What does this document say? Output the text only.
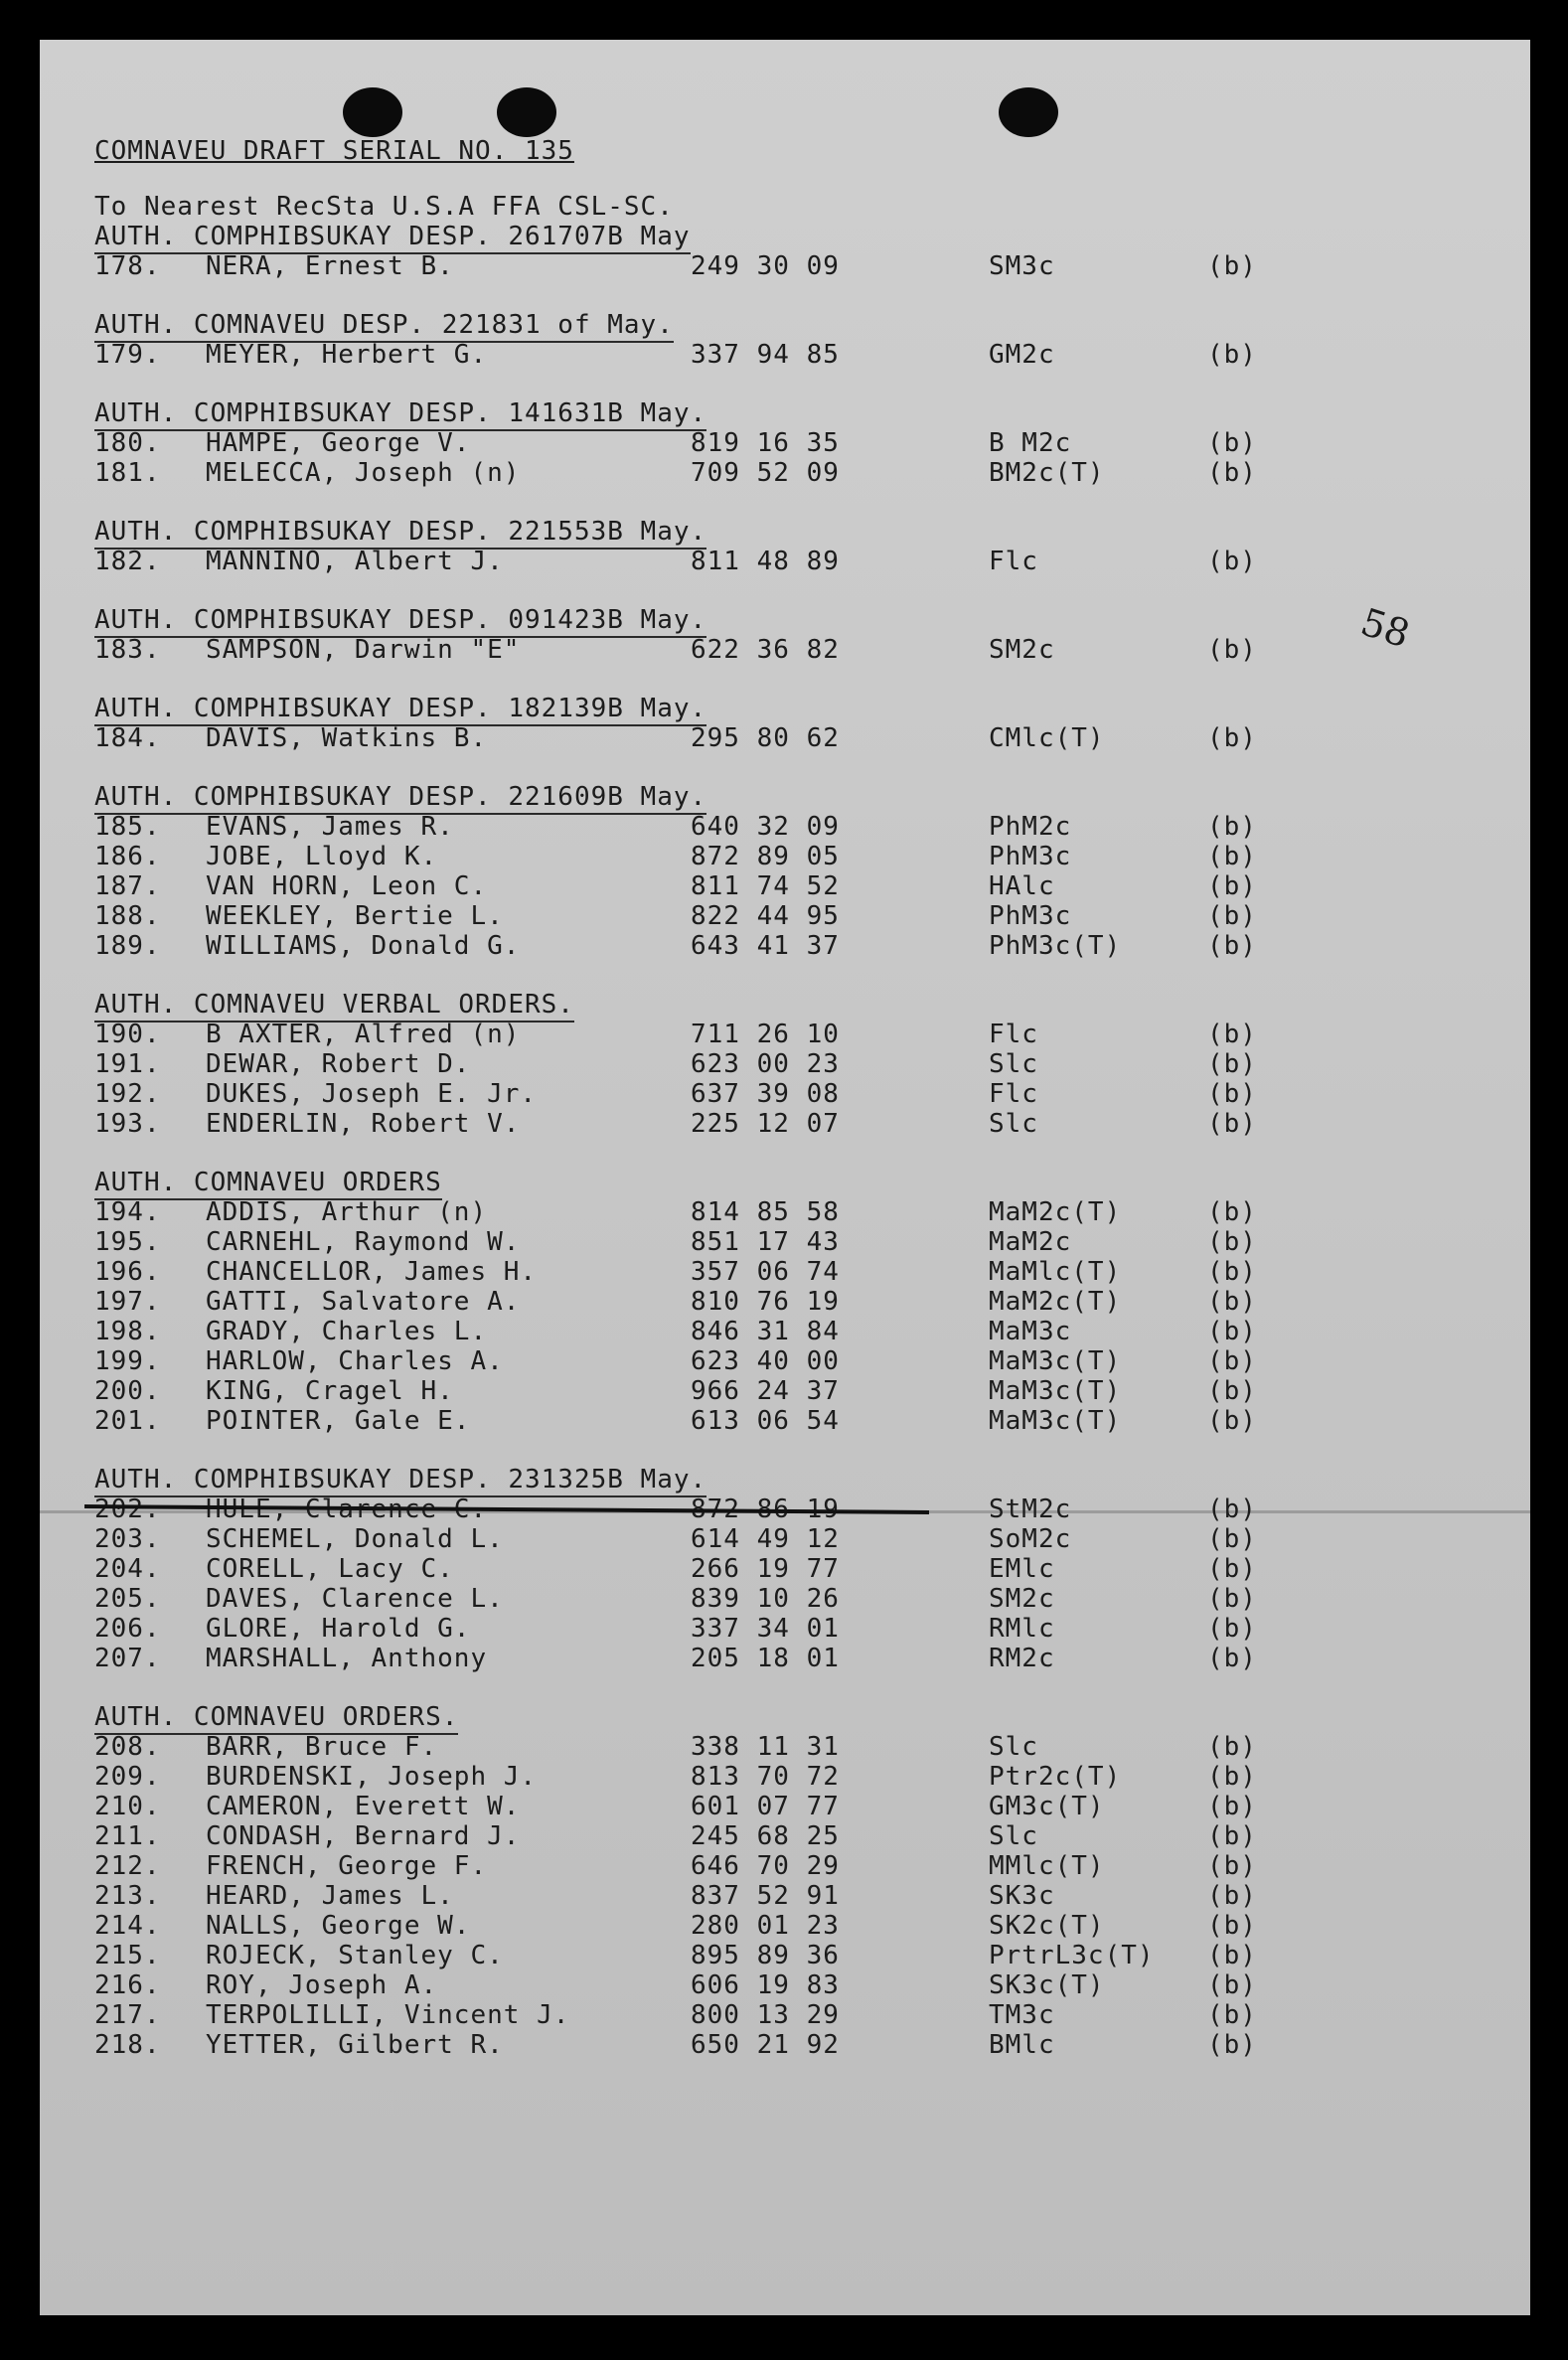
58
COMNAVEU DRAFT SERIAL NO. 135
To Nearest RecSta U.S.A FFA CSL-SC.
AUTH. COMPHIBSUKAY DESP. 261707B May
178. NERA, Ernest B.	249 30 09	SM3c	(b)
AUTH. COMNAVEU DESP. 221831 of May.
179. MEYER, Herbert G.	337 94 85	GM2c	(b)
AUTH. COMPHIBSUKAY DESP. 141631B May.
180. HAMPE, George V.	819 16 35	B M2c	(b)
181. MELECCA, Joseph (n)	709 52 09	BM2c(T)	(b)
AUTH. COMPHIBSUKAY DESP. 221553B May.
182. MANNINO, Albert J.	811 48 89	Flc	(b)
AUTH. COMPHIBSUKAY DESP. 091423B May.
183. SAMPSON, Darwin "E"	622 36 82	SM2c	(b)
AUTH. COMPHIBSUKAY DESP. 182139B May.
184. DAVIS, Watkins B.	295 80 62	CMlc(T)	(b)
AUTH. COMPHIBSUKAY DESP. 221609B May.
185. EVANS, James R.	640 32 09	PhM2c	(b)
186. JOBE, Lloyd K.	872 89 05	PhM3c	(b)
187. VAN HORN, Leon C.	811 74 52	HAlc	(b)
188. WEEKLEY, Bertie L.	822 44 95	PhM3c	(b)
189. WILLIAMS, Donald G.	643 41 37	PhM3c(T)	(b)
AUTH. COMNAVEU VERBAL ORDERS.
190. B AXTER, Alfred (n)	711 26 10	Flc	(b)
191. DEWAR, Robert D.	623 00 23	Slc	(b)
192. DUKES, Joseph E. Jr.	637 39 08	Flc	(b)
193. ENDERLIN, Robert V.	225 12 07	Slc	(b)
AUTH. COMNAVEU ORDERS
194. ADDIS, Arthur (n)	814 85 58	MaM2c(T)	(b)
195. CARNEHL, Raymond W.	851 17 43	MaM2c	(b)
196. CHANCELLOR, James H.	357 06 74	MaMlc(T)	(b)
197. GATTI, Salvatore A.	810 76 19	MaM2c(T)	(b)
198. GRADY, Charles L.	846 31 84	MaM3c	(b)
199. HARLOW, Charles A.	623 40 00	MaM3c(T)	(b)
200. KING, Cragel H.	966 24 37	MaM3c(T)	(b)
201. POINTER, Gale E.	613 06 54	MaM3c(T)	(b)
AUTH. COMPHIBSUKAY DESP. 231325B May.
202. HULE, Clarence C.	872 86 19	StM2c	(b)
203. SCHEMEL, Donald L.	614 49 12	SoM2c	(b)
204. CORELL, Lacy C.	266 19 77	EMlc	(b)
205. DAVES, Clarence L.	839 10 26	SM2c	(b)
206. GLORE, Harold G.	337 34 01	RMlc	(b)
207. MARSHALL, Anthony	205 18 01	RM2c	(b)
AUTH. COMNAVEU ORDERS.
208. BARR, Bruce F.	338 11 31	Slc	(b)
209. BURDENSKI, Joseph J.	813 70 72	Ptr2c(T)	(b)
210. CAMERON, Everett W.	601 07 77	GM3c(T)	(b)
211. CONDASH, Bernard J.	245 68 25	Slc	(b)
212. FRENCH, George F.	646 70 29	MMlc(T)	(b)
213. HEARD, James L.	837 52 91	SK3c	(b)
214. NALLS, George W.	280 01 23	SK2c(T)	(b)
215. ROJECK, Stanley C.	895 89 36	PrtrL3c(T) (b)
216. ROY, Joseph A.	606 19 83	SK3c(T)	(b)
217. TERPOLILLI, Vincent J.	800 13 29	TM3c	(b)
218. YETTER, Gilbert R.	650 21 92	BMlc	(b)
